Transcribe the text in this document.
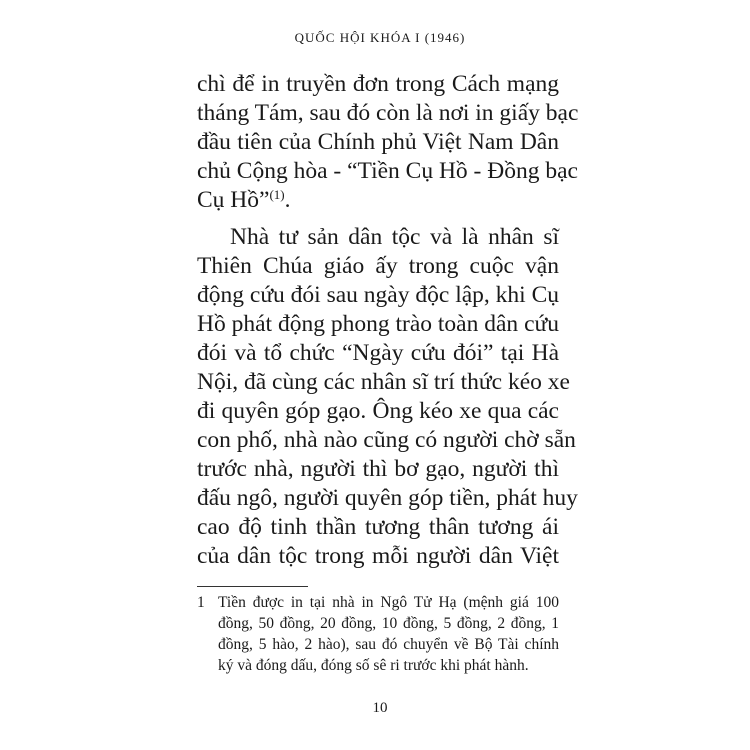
QUỐC HỘI KHÓA I (1946)
chì để in truyền đơn trong Cách mạng
tháng Tám, sau đó còn là nơi in giấy bạc
đầu tiên của Chính phủ Việt Nam Dân
chủ Cộng hòa - “Tiền Cụ Hồ - Đồng bạc
Cụ Hồ”$^{(1)}$.
Nhà tư sản dân tộc và là nhân sĩ
Thiên Chúa giáo ấy trong cuộc vận
động cứu đói sau ngày độc lập, khi Cụ
Hồ phát động phong trào toàn dân cứu
đói và tổ chức “Ngày cứu đói” tại Hà
Nội, đã cùng các nhân sĩ trí thức kéo xe
đi quyên góp gạo. Ông kéo xe qua các
con phố, nhà nào cũng có người chờ sẵn
trước nhà, người thì bơ gạo, người thì
đấu ngô, người quyên góp tiền, phát huy
cao độ tinh thần tương thân tương ái
của dân tộc trong mỗi người dân Việt
1 Tiền được in tại nhà in Ngô Tử Hạ (mệnh giá 100
đồng, 50 đồng, 20 đồng, 10 đồng, 5 đồng, 2 đồng, 1
đồng, 5 hào, 2 hào), sau đó chuyển về Bộ Tài chính
ký và đóng dấu, đóng số sê ri trước khi phát hành.
10
